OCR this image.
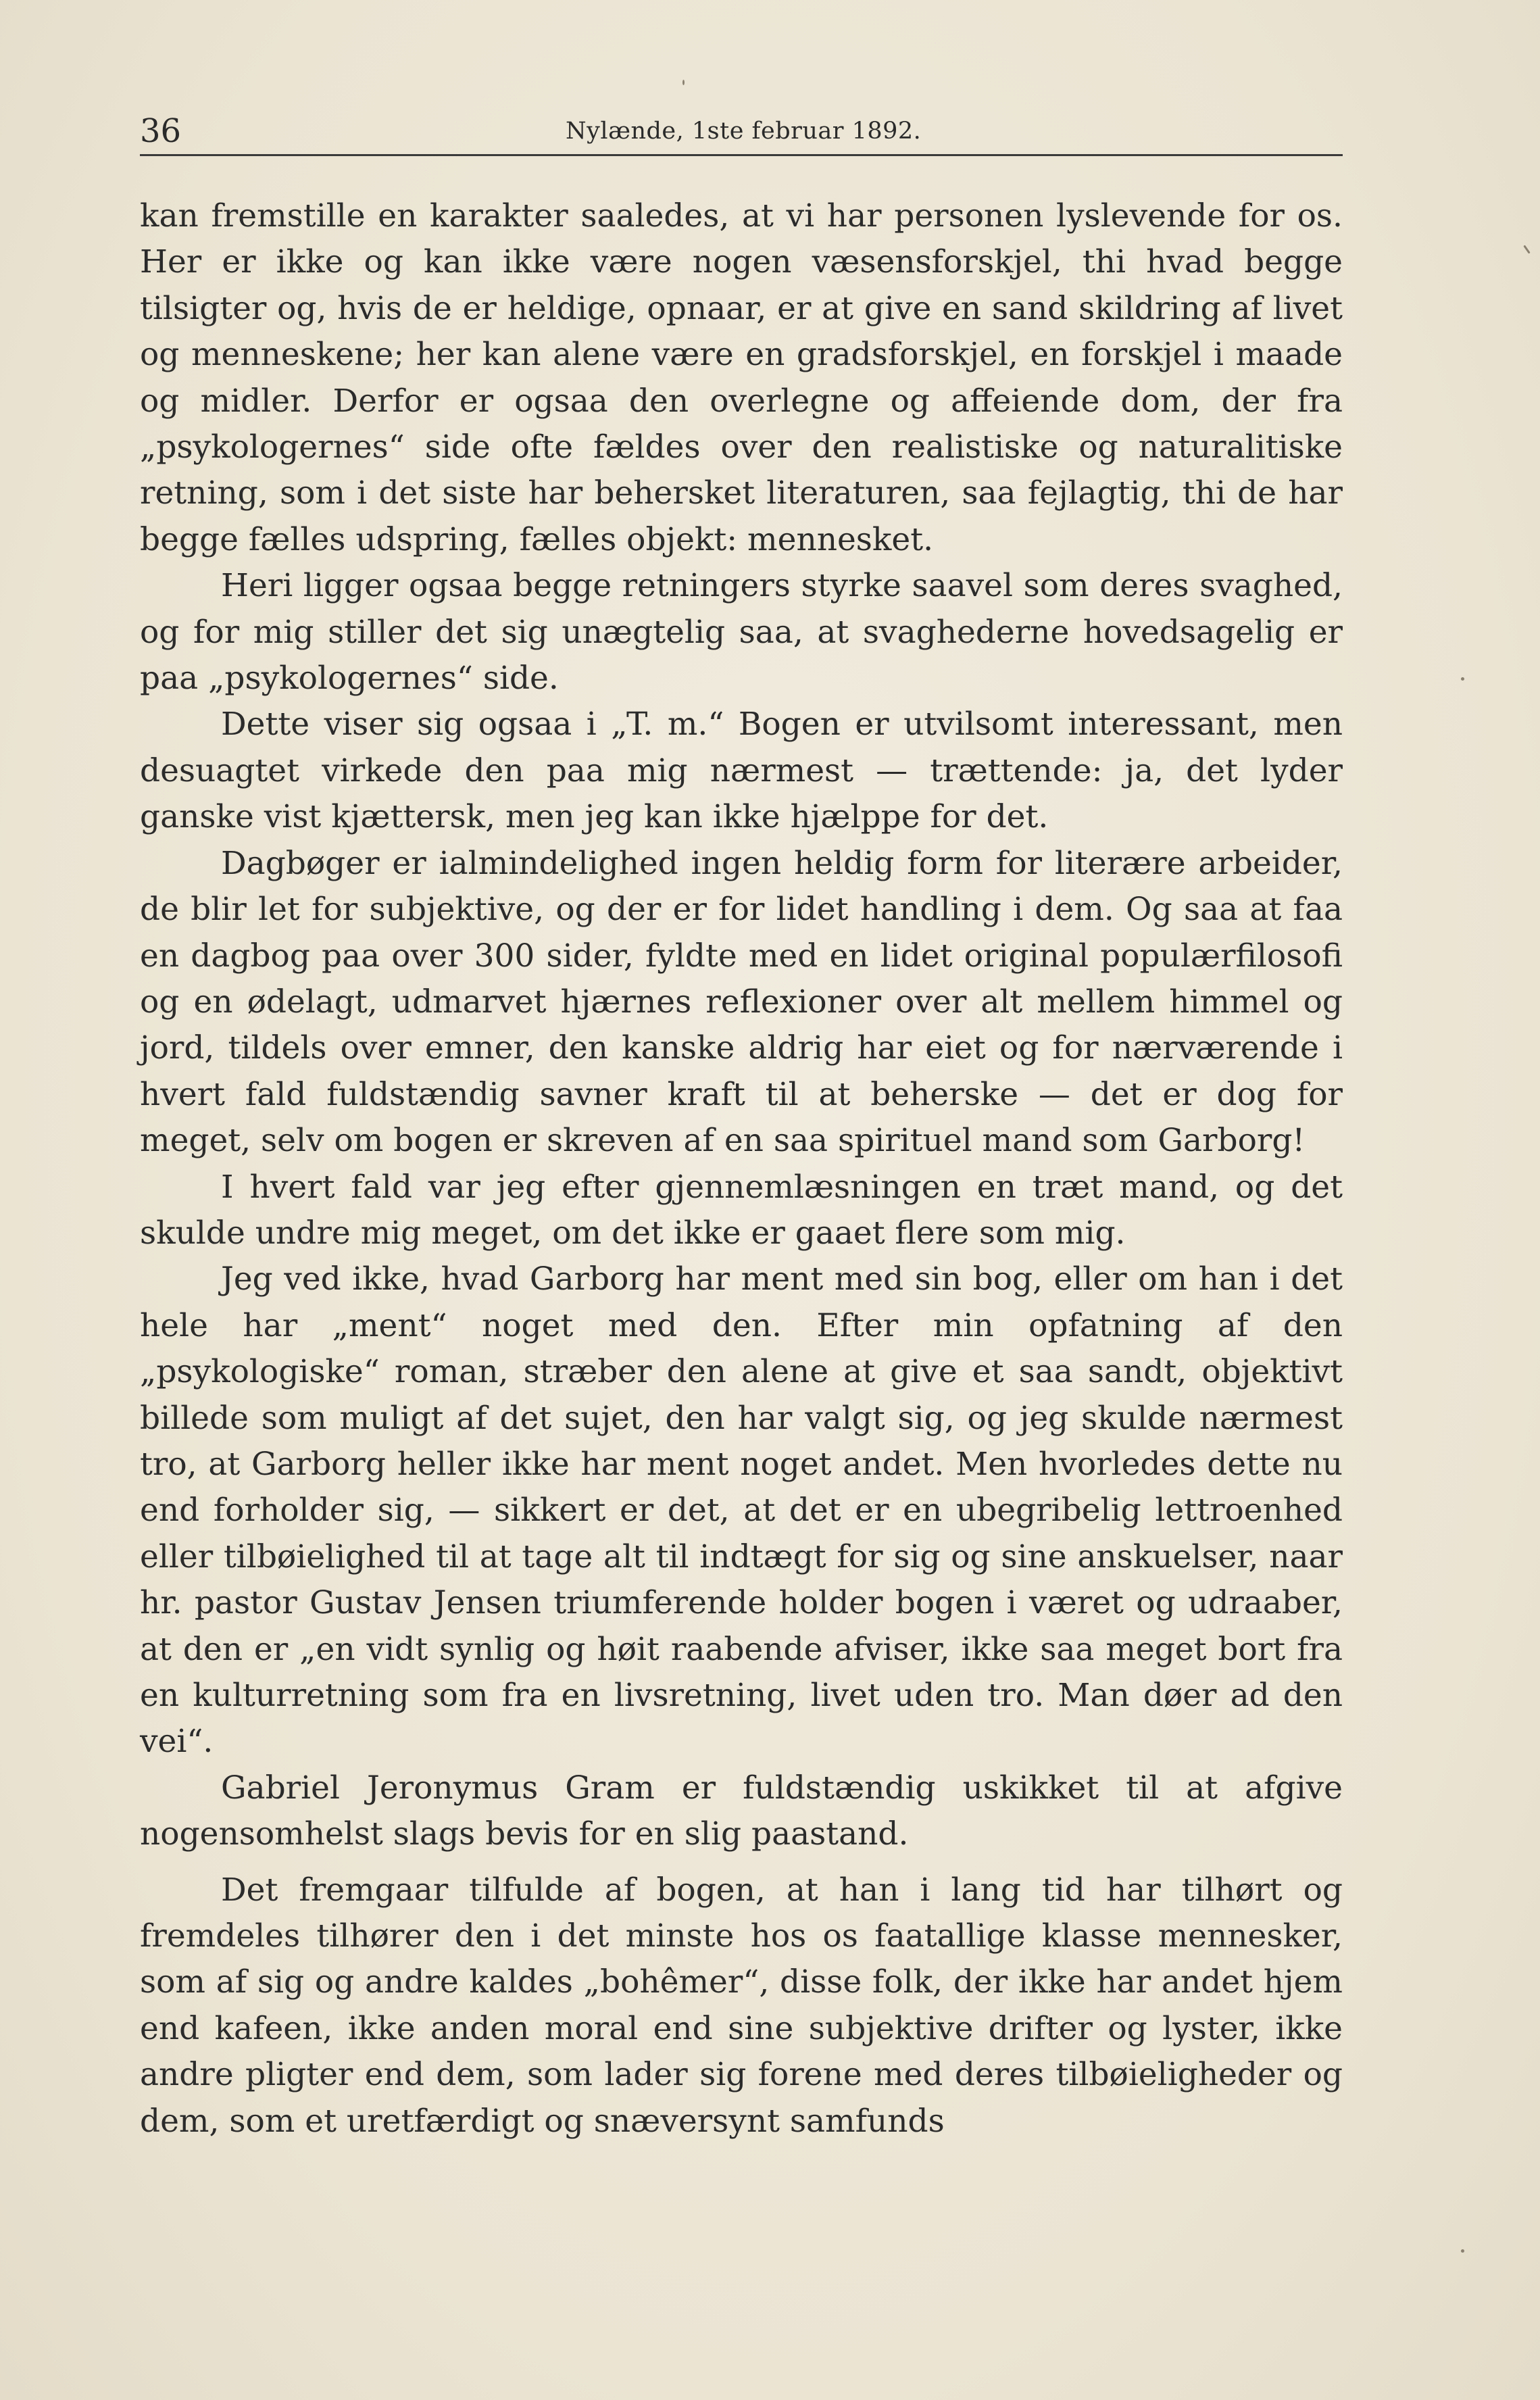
36	Nylænde, 1ste februar 1892.

kan fremstille en karakter saaledes, at vi har personen lyslevende for os. Her er ikke og kan ikke være nogen væsensforskjel, thi hvad begge tilsigter og, hvis de er heldige, opnaar, er at give en sand skildring af livet og menneskene; her kan alene være en gradsforskjel, en forskjel i maade og midler. Derfor er ogsaa den overlegne og affeiende dom, der fra „psykologernes“ side ofte fældes over den realistiske og naturalitiske retning, som i det siste har behersket literaturen, saa fejlagtig, thi de har begge fælles udspring, fælles objekt: mennesket.

Heri ligger ogsaa begge retningers styrke saavel som deres svaghed, og for mig stiller det sig unægtelig saa, at svaghederne hovedsagelig er paa „psykologernes“ side.

Dette viser sig ogsaa i „T. m.“ Bogen er utvilsomt interessant, men desuagtet virkede den paa mig nærmest — trættende: ja, det lyder ganske vist kjættersk, men jeg kan ikke hjælppe for det.

Dagbøger er ialmindelighed ingen heldig form for literære arbeider, de blir let for subjektive, og der er for lidet handling i dem. Og saa at faa en dagbog paa over 300 sider, fyldte med en lidet original populærfilosofi og en ødelagt, udmarvet hjærnes reflexioner over alt mellem himmel og jord, tildels over emner, den kanske aldrig har eiet og for nærværende i hvert fald fuldstændig savner kraft til at beherske — det er dog for meget, selv om bogen er skreven af en saa spirituel mand som Garborg!

I hvert fald var jeg efter gjennemlæsningen en træt mand, og det skulde undre mig meget, om det ikke er gaaet flere som mig.

Jeg ved ikke, hvad Garborg har ment med sin bog, eller om han i det hele har „ment“ noget med den. Efter min opfatning af den „psykologiske“ roman, stræber den alene at give et saa sandt, objektivt billede som muligt af det sujet, den har valgt sig, og jeg skulde nærmest tro, at Garborg heller ikke har ment noget andet. Men hvorledes dette nu end forholder sig, — sikkert er det, at det er en ubegribelig lettroenhed eller tilbøielighed til at tage alt til indtægt for sig og sine anskuelser, naar hr. pastor Gustav Jensen triumferende holder bogen i været og udraaber, at den er „en vidt synlig og høit raabende afviser, ikke saa meget bort fra en kulturretning som fra en livsretning, livet uden tro. Man døer ad den vei“.

Gabriel Jeronymus Gram er fuldstændig uskikket til at afgive nogensomhelst slags bevis for en slig paastand.

Det fremgaar tilfulde af bogen, at han i lang tid har tilhørt og fremdeles tilhører den i det minste hos os faatallige klasse mennesker, som af sig og andre kaldes „bohêmer“, disse folk, der ikke har andet hjem end kafeen, ikke anden moral end sine subjektive drifter og lyster, ikke andre pligter end dem, som lader sig forene med deres tilbøieligheder og dem, som et uretfærdigt og snæversynt samfunds
